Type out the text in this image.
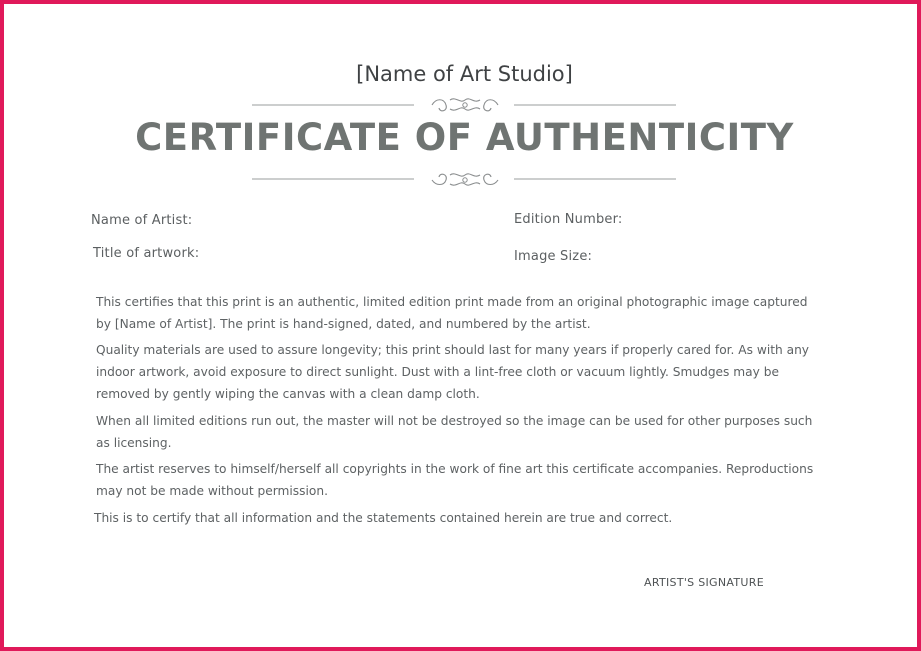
[Name of Art Studio]
CERTIFICATE OF AUTHENTICITY
Name of Artist:
Title of artwork:
Edition Number:
Image Size:
This certifies that this print is an authentic, limited edition print made from an original photographic image captured by [Name of Artist]. The print is hand-signed, dated, and numbered by the artist.
Quality materials are used to assure longevity; this print should last for many years if properly cared for. As with any indoor artwork, avoid exposure to direct sunlight. Dust with a lint-free cloth or vacuum lightly. Smudges may be removed by gently wiping the canvas with a clean damp cloth.
When all limited editions run out, the master will not be destroyed so the image can be used for other purposes such as licensing.
The artist reserves to himself/herself all copyrights in the work of fine art this certificate accompanies. Reproductions may not be made without permission.
This is to certify that all information and the statements contained herein are true and correct.
ARTIST'S SIGNATURE
